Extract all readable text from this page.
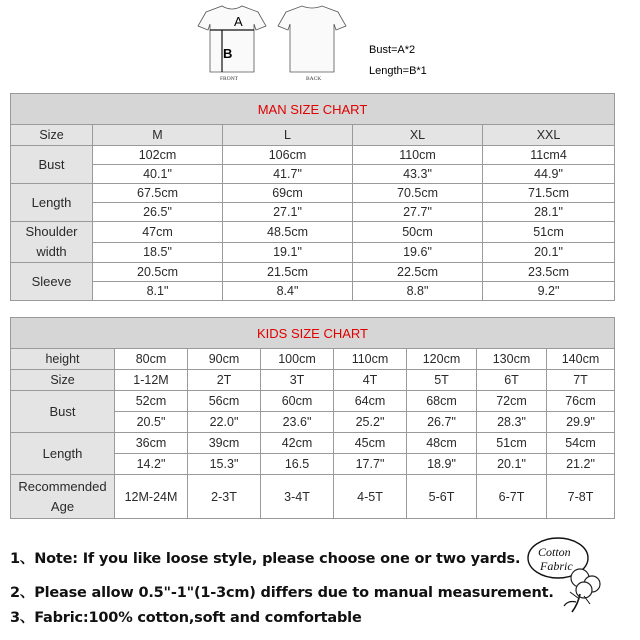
A
B
FRONT	BACK
Bust=A*2
Length=B*1
MAN SIZE CHART				
Size	M	L	XL	XXL
Bust	102cm	106cm	110cm	11cm4
	40.1"	41.7"	43.3"	44.9"
Length	67.5cm	69cm	70.5cm	71.5cm
	26.5"	27.1"	27.7"	28.1"

Shoulder
width	47cm	48.5cm	50cm	51cm
	18.5"	19.1"	19.6"	20.1"
Sleeve	20.5cm	21.5cm	22.5cm	23.5cm
	8.1"	8.4"	8.8"	9.2"
KIDS SIZE CHART							
height	80cm	90cm	100cm	110cm	120cm	130cm	140cm
Size	1-12M	2T	3T	4T	5T	6T	7T
Bust	52cm	56cm	60cm	64cm	68cm	72cm	76cm
	20.5"	22.0"	23.6"	25.2"	26.7"	28.3"	29.9"
Length	36cm	39cm	42cm	45cm	48cm	51cm	54cm
	14.2"	15.3"	16.5	17.7"	18.9"	20.1"	21.2"

Recommended
Age	12M-24M	2-3T	3-4T	4-5T	5-6T	6-7T	7-8T
1、Note: If you like loose style, please choose one or two yards.
2、Please allow 0.5"-1"(1-3cm) differs due to manual measurement.
3、Fabric:100% cotton,soft and comfortable
Cotton
Fabric
